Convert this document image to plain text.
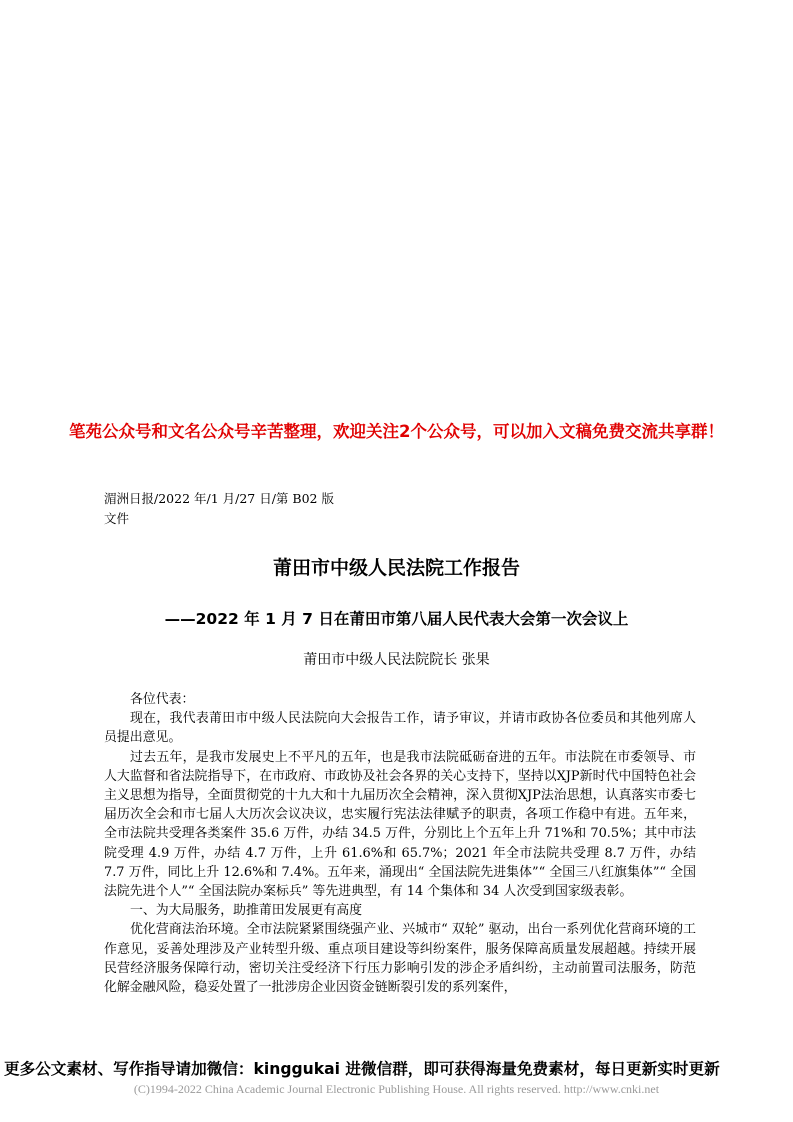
笔苑公众号和文名公众号辛苦整理，欢迎关注2个公众号，可以加入文稿免费交流共享群！
湄洲日报/2022 年/1 月/27 日/第 B02 版
文件
莆田市中级人民法院工作报告
——2022 年 1 月 7 日在莆田市第八届人民代表大会第一次会议上
莆田市中级人民法院院长 张果

各位代表：

现在，我代表莆田市中级人民法院向大会报告工作，请予审议，并请市政协各位委员和其他列席人员提出意见。

过去五年，是我市发展史上不平凡的五年，也是我市法院砥砺奋进的五年。市法院在市委领导、市人大监督和省法院指导下，在市政府、市政协及社会各界的关心支持下，坚持以XJP新时代中国特色社会主义思想为指导，全面贯彻党的十九大和十九届历次全会精神，深入贯彻XJP法治思想，认真落实市委七届历次全会和市七届人大历次会议决议，忠实履行宪法法律赋予的职责，各项工作稳中有进。五年来，全市法院共受理各类案件 35.6 万件，办结 34.5 万件，分别比上个五年上升 71%和 70.5%；其中市法院受理 4.9 万件，办结 4.7 万件，上升 61.6%和 65.7%；2021 年全市法院共受理 8.7 万件，办结 7.7 万件，同比上升 12.6%和 7.4%。五年来，涌现出“ 全国法院先进集体”“ 全国三八红旗集体”“ 全国法院先进个人”“ 全国法院办案标兵” 等先进典型，有 14 个集体和 34 人次受到国家级表彰。

一、为大局服务，助推莆田发展更有高度

优化营商法治环境。全市法院紧紧围绕强产业、兴城市“ 双轮” 驱动，出台一系列优化营商环境的工作意见，妥善处理涉及产业转型升级、重点项目建设等纠纷案件，服务保障高质量发展超越。持续开展民营经济服务保障行动，密切关注受经济下行压力影响引发的涉企矛盾纠纷，主动前置司法服务，防范化解金融风险，稳妥处置了一批涉房企业因资金链断裂引发的系列案件，

更多公文素材、写作指导请加微信：kinggukai 进微信群，即可获得海量免费素材，每日更新实时更新
(C)1994-2022 China Academic Journal Electronic Publishing House. All rights reserved. http://www.cnki.net
